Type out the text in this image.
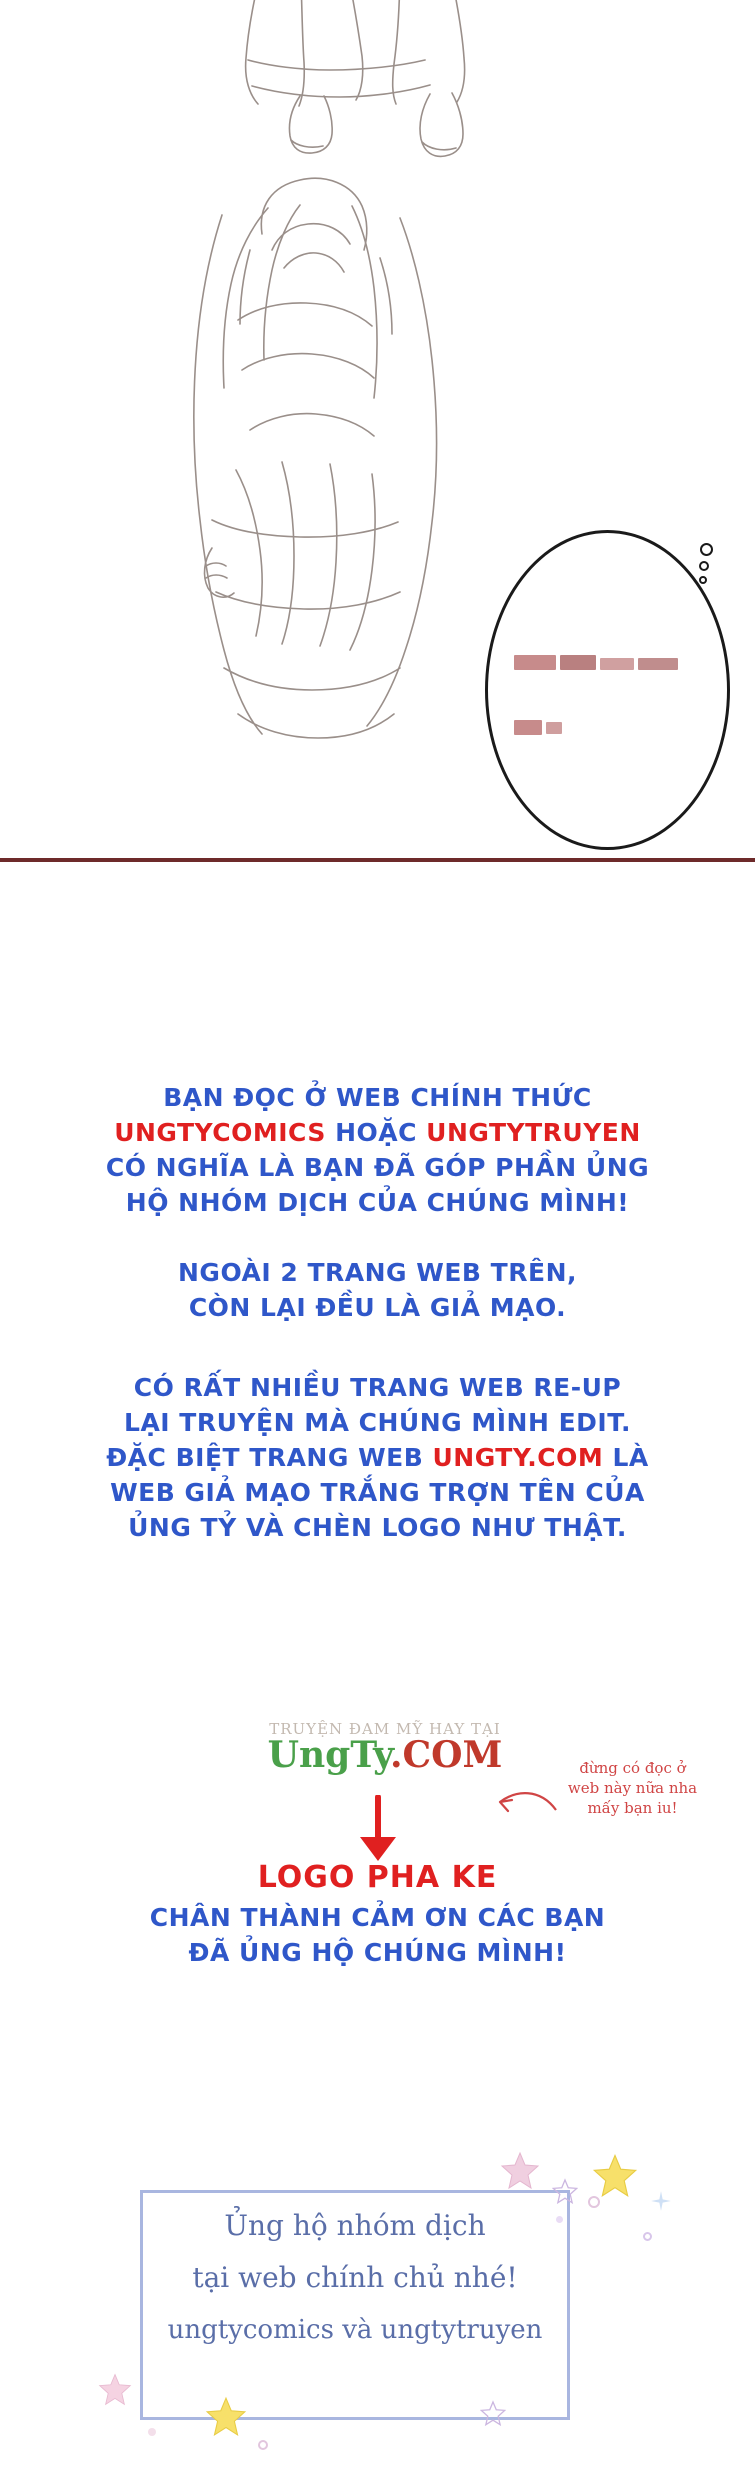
BẠN ĐỌC Ở WEB CHÍNH THỨC
UNGTYCOMICS HOẶC UNGTYTRUYEN
CÓ NGHĨA LÀ BẠN ĐÃ GÓP PHẦN ỦNG
HỘ NHÓM DỊCH CỦA CHÚNG MÌNH!
NGOÀI 2 TRANG WEB TRÊN,
CÒN LẠI ĐỀU LÀ GIẢ MẠO.
CÓ RẤT NHIỀU TRANG WEB RE-UP
LẠI TRUYỆN MÀ CHÚNG MÌNH EDIT.
ĐẶC BIỆT TRANG WEB UNGTY.COM LÀ
WEB GIẢ MẠO TRẮNG TRỢN TÊN CỦA
ỦNG TỶ VÀ CHÈN LOGO NHƯ THẬT.
TRUYỆN ĐAM MỸ HAY TẠI
UngTy.COM	đừng có đọc ở
web này nữa nha
mấy bạn iu!
LOGO PHA KE
CHÂN THÀNH CẢM ƠN CÁC BẠN
ĐÃ ỦNG HỘ CHÚNG MÌNH!
Ủng hộ nhóm dịch
tại web chính chủ nhé!
ungtycomics và ungtytruyen
